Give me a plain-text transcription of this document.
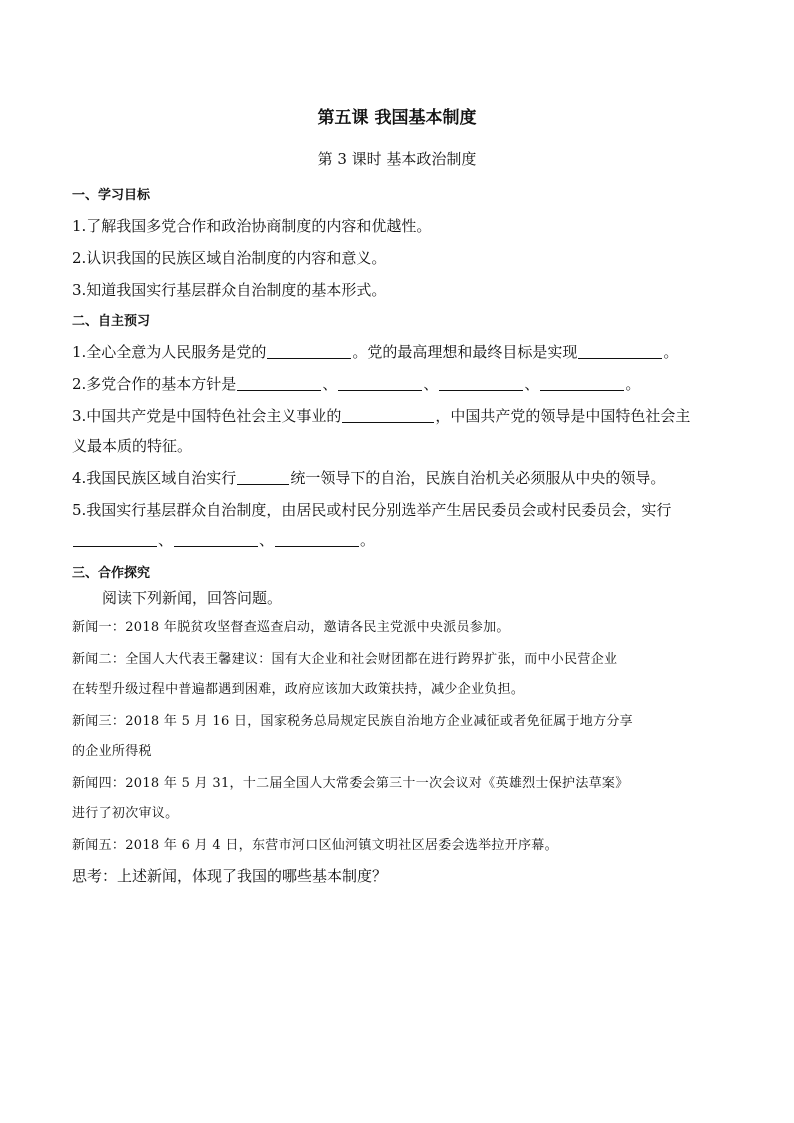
第五课 我国基本制度
第 3 课时 基本政治制度
一、学习目标
1.了解我国多党合作和政治协商制度的内容和优越性。
2.认识我国的民族区域自治制度的内容和意义。
3.知道我国实行基层群众自治制度的基本形式。
二、自主预习
1.全心全意为人民服务是党的	。党的最高理想和最终目标是实现	。
2.多党合作的基本方针是	、	、	、	。
3.中国共产党是中国特色社会主义事业的	，中国共产党的领导是中国特色社会主
义最本质的特征。
4.我国民族区域自治实行	统一领导下的自治，民族自治机关必须服从中央的领导。
5.我国实行基层群众自治制度，由居民或村民分别选举产生居民委员会或村民委员会，实行
、	、	。
三、合作探究
阅读下列新闻，回答问题。
新闻一：2018 年脱贫攻坚督查巡查启动，邀请各民主党派中央派员参加。
新闻二：全国人大代表王馨建议：国有大企业和社会财团都在进行跨界扩张，而中小民营企业
在转型升级过程中普遍都遇到困难，政府应该加大政策扶持，减少企业负担。
新闻三：2018 年 5 月 16 日，国家税务总局规定民族自治地方企业减征或者免征属于地方分享
的企业所得税
新闻四：2018 年 5 月 31，十二届全国人大常委会第三十一次会议对《英雄烈士保护法草案》
进行了初次审议。
新闻五：2018 年 6 月 4 日，东营市河口区仙河镇文明社区居委会选举拉开序幕。
思考：上述新闻，体现了我国的哪些基本制度？
